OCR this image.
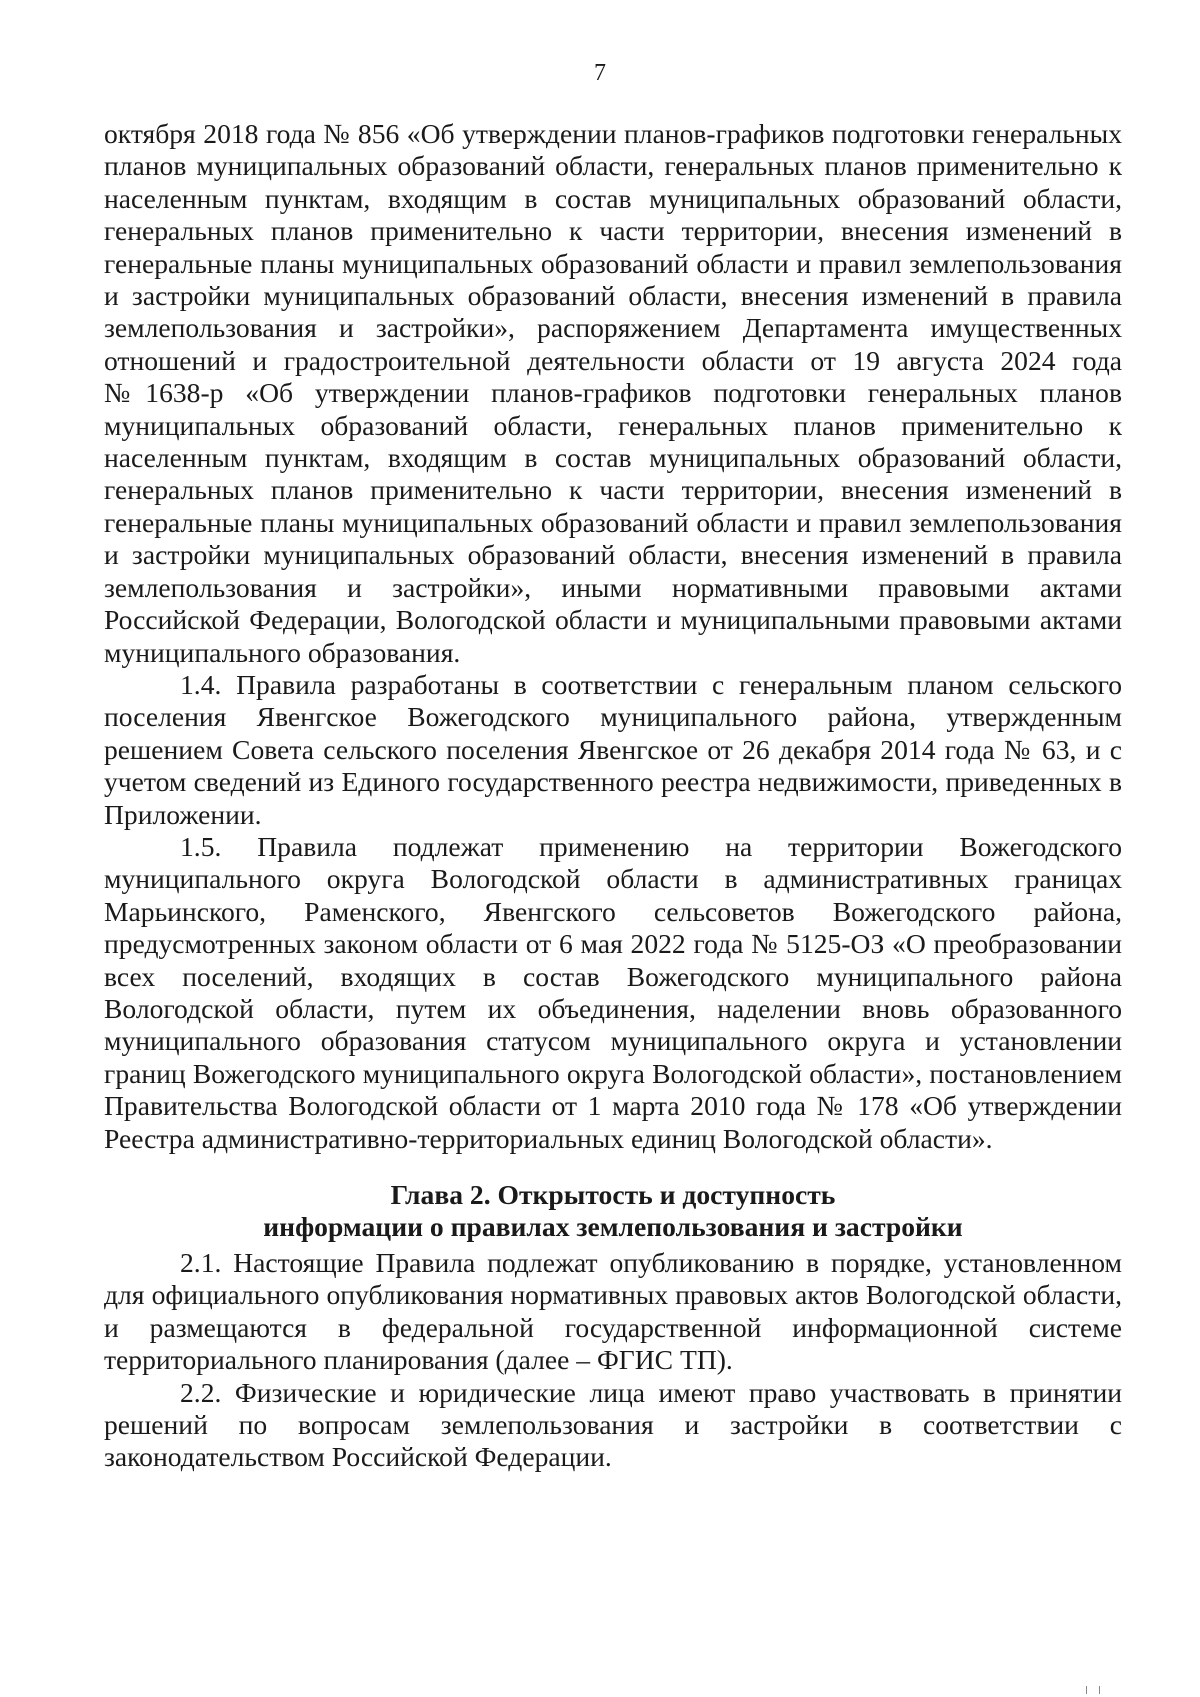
7

октября 2018 года № 856 «Об утверждении планов-графиков подготовки генеральных планов муниципальных образований области, генеральных планов применительно к населенным пунктам, входящим в состав муниципальных образований области, генеральных планов применительно к части территории, внесения изменений в генеральные планы муниципальных образований области и правил землепользования и застройки муниципальных образований области, внесения изменений в правила землепользования и застройки», распоряжением Департамента имущественных отношений и градостроительной деятельности области от 19 августа 2024 года №1638-р «Об утверждении планов-графиков подготовки генеральных планов муниципальных образований области, генеральных планов применительно к населенным пунктам, входящим в состав муниципальных образований области, генеральных планов применительно к части территории, внесения изменений в генеральные планы муниципальных образований области и правил землепользования и застройки муниципальных образований области, внесения изменений в правила землепользования и застройки», иными нормативными правовыми актами Российской Федерации, Вологодской области и муниципальными правовыми актами муниципального образования.

1.4. Правила разработаны в соответствии с генеральным планом сельского поселения Явенгское Вожегодского муниципального района, утвержденным решением Совета сельского поселения Явенгское от 26 декабря 2014 года № 63, и с учетом сведений из Единого государственного реестра недвижимости, приведенных в Приложении.

1.5. Правила подлежат применению на территории Вожегодского муниципального округа Вологодской области в административных границах Марьинского, Раменского, Явенгского сельсоветов Вожегодского района, предусмотренных законом области от 6 мая 2022 года № 5125-ОЗ «О преобразовании всех поселений, входящих в состав Вожегодского муниципального района Вологодской области, путем их объединения, наделении вновь образованного муниципального образования статусом муниципального округа и установлении границ Вожегодского муниципального округа Вологодской области», постановлением Правительства Вологодской области от 1 марта 2010 года № 178 «Об утверждении Реестра административно-территориальных единиц Вологодской области».

Глава 2. Открытость и доступность
информации о правилах землепользования и застройки

2.1. Настоящие Правила подлежат опубликованию в порядке, установленном для официального опубликования нормативных правовых актов Вологодской области, и размещаются в федеральной государственной информационной системе территориального планирования (далее – ФГИС ТП).

2.2. Физические и юридические лица имеют право участвовать в принятии решений по вопросам землепользования и застройки в соответствии с законодательством Российской Федерации.
